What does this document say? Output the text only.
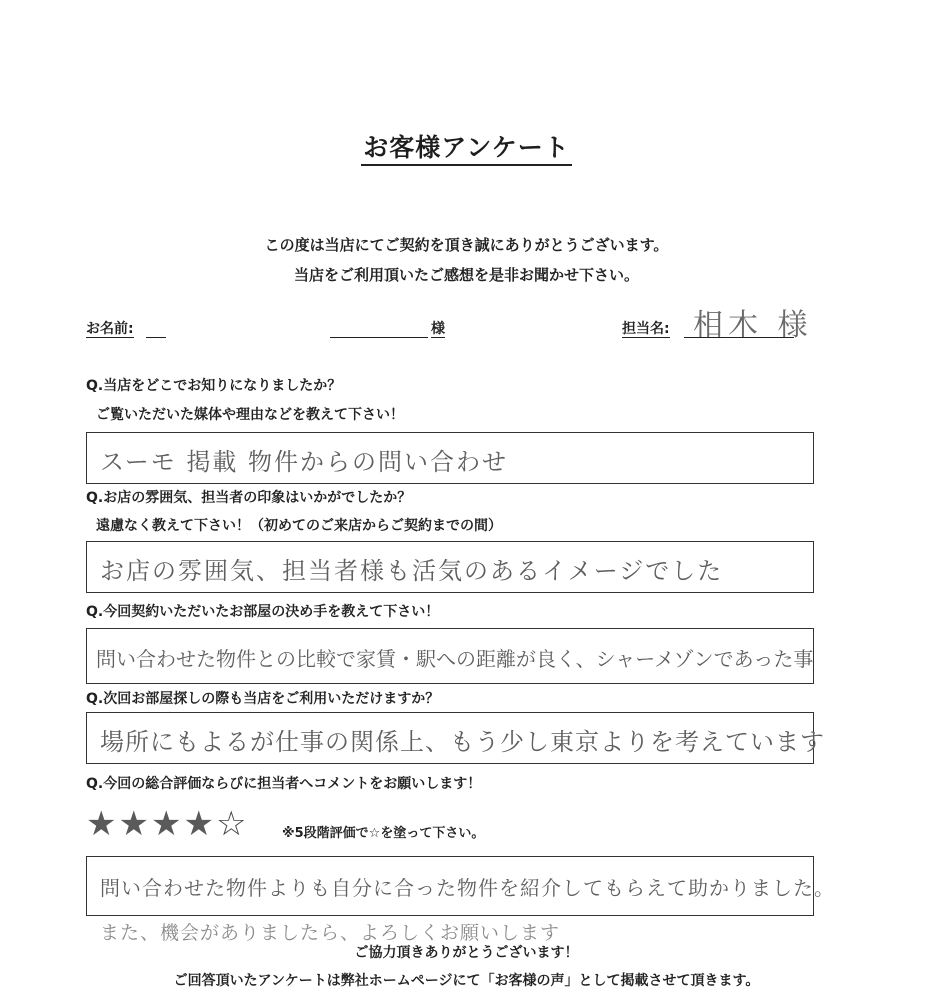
お客様アンケート
この度は当店にてご契約を頂き誠にありがとうございます。
当店をご利用頂いたご感想を是非お聞かせ下さい。
お名前:	様	担当名: 相木 様
Q.当店をどこでお知りになりましたか？
ご覧いただいた媒体や理由などを教えて下さい！
スーモ 掲載 物件からの問い合わせ
Q.お店の雰囲気、担当者の印象はいかがでしたか？
遠慮なく教えて下さい！（初めてのご来店からご契約までの間）
お店の雰囲気、担当者様も活気のあるイメージでした
Q.今回契約いただいたお部屋の決め手を教えて下さい！
問い合わせた物件との比較で家賃・駅への距離が良く、シャーメゾンであった事
Q.次回お部屋探しの際も当店をご利用いただけますか？
場所にもよるが仕事の関係上、もう少し東京よりを考えています
Q.今回の総合評価ならびに担当者へコメントをお願いします！
★★★★☆	※5段階評価で☆を塗って下さい。
問い合わせた物件よりも自分に合った物件を紹介してもらえて助かりました。
また、機会がありましたら、よろしくお願いします
ご協力頂きありがとうございます！
ご回答頂いたアンケートは弊社ホームページにて「お客様の声」として掲載させて頂きます。
